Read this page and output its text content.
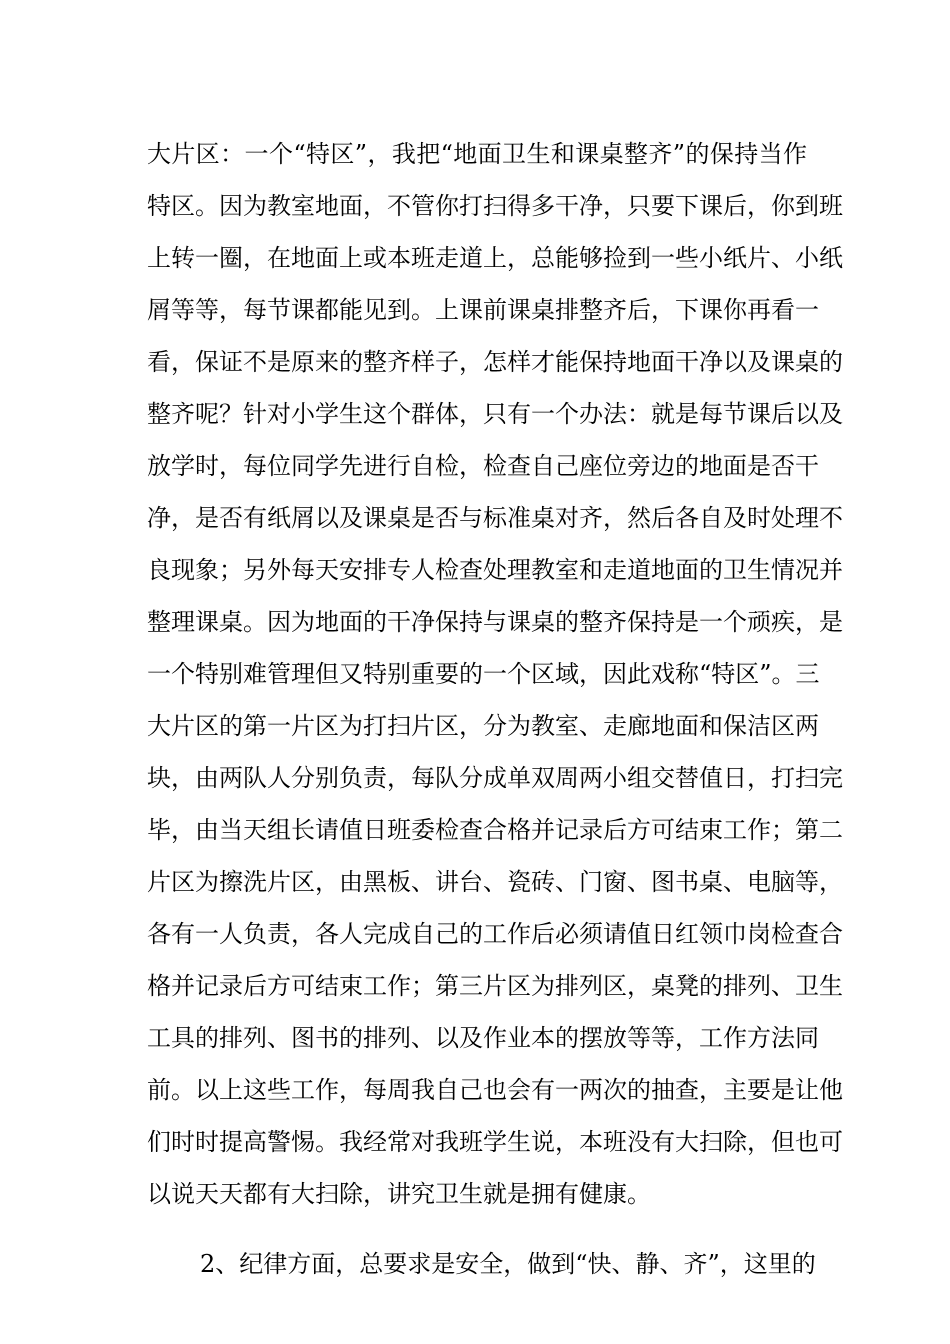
大片区：一个“特区”，我把“地面卫生和课桌整齐”的保持当作
特区。因为教室地面，不管你打扫得多干净，只要下课后，你到班
上转一圈，在地面上或本班走道上，总能够捡到一些小纸片、小纸
屑等等，每节课都能见到。上课前课桌排整齐后，下课你再看一
看，保证不是原来的整齐样子，怎样才能保持地面干净以及课桌的
整齐呢？针对小学生这个群体，只有一个办法：就是每节课后以及
放学时，每位同学先进行自检，检查自己座位旁边的地面是否干
净，是否有纸屑以及课桌是否与标准桌对齐，然后各自及时处理不
良现象；另外每天安排专人检查处理教室和走道地面的卫生情况并
整理课桌。因为地面的干净保持与课桌的整齐保持是一个顽疾，是
一个特别难管理但又特别重要的一个区域，因此戏称“特区”。三
大片区的第一片区为打扫片区，分为教室、走廊地面和保洁区两
块，由两队人分别负责，每队分成单双周两小组交替值日，打扫完
毕，由当天组长请值日班委检查合格并记录后方可结束工作；第二
片区为擦洗片区，由黑板、讲台、瓷砖、门窗、图书桌、电脑等，
各有一人负责，各人完成自己的工作后必须请值日红领巾岗检查合
格并记录后方可结束工作；第三片区为排列区，桌凳的排列、卫生
工具的排列、图书的排列、以及作业本的摆放等等，工作方法同
前。以上这些工作，每周我自己也会有一两次的抽查，主要是让他
们时时提高警惕。我经常对我班学生说，本班没有大扫除，但也可
以说天天都有大扫除，讲究卫生就是拥有健康。
2、纪律方面，总要求是安全，做到“快、静、齐”，这里的
